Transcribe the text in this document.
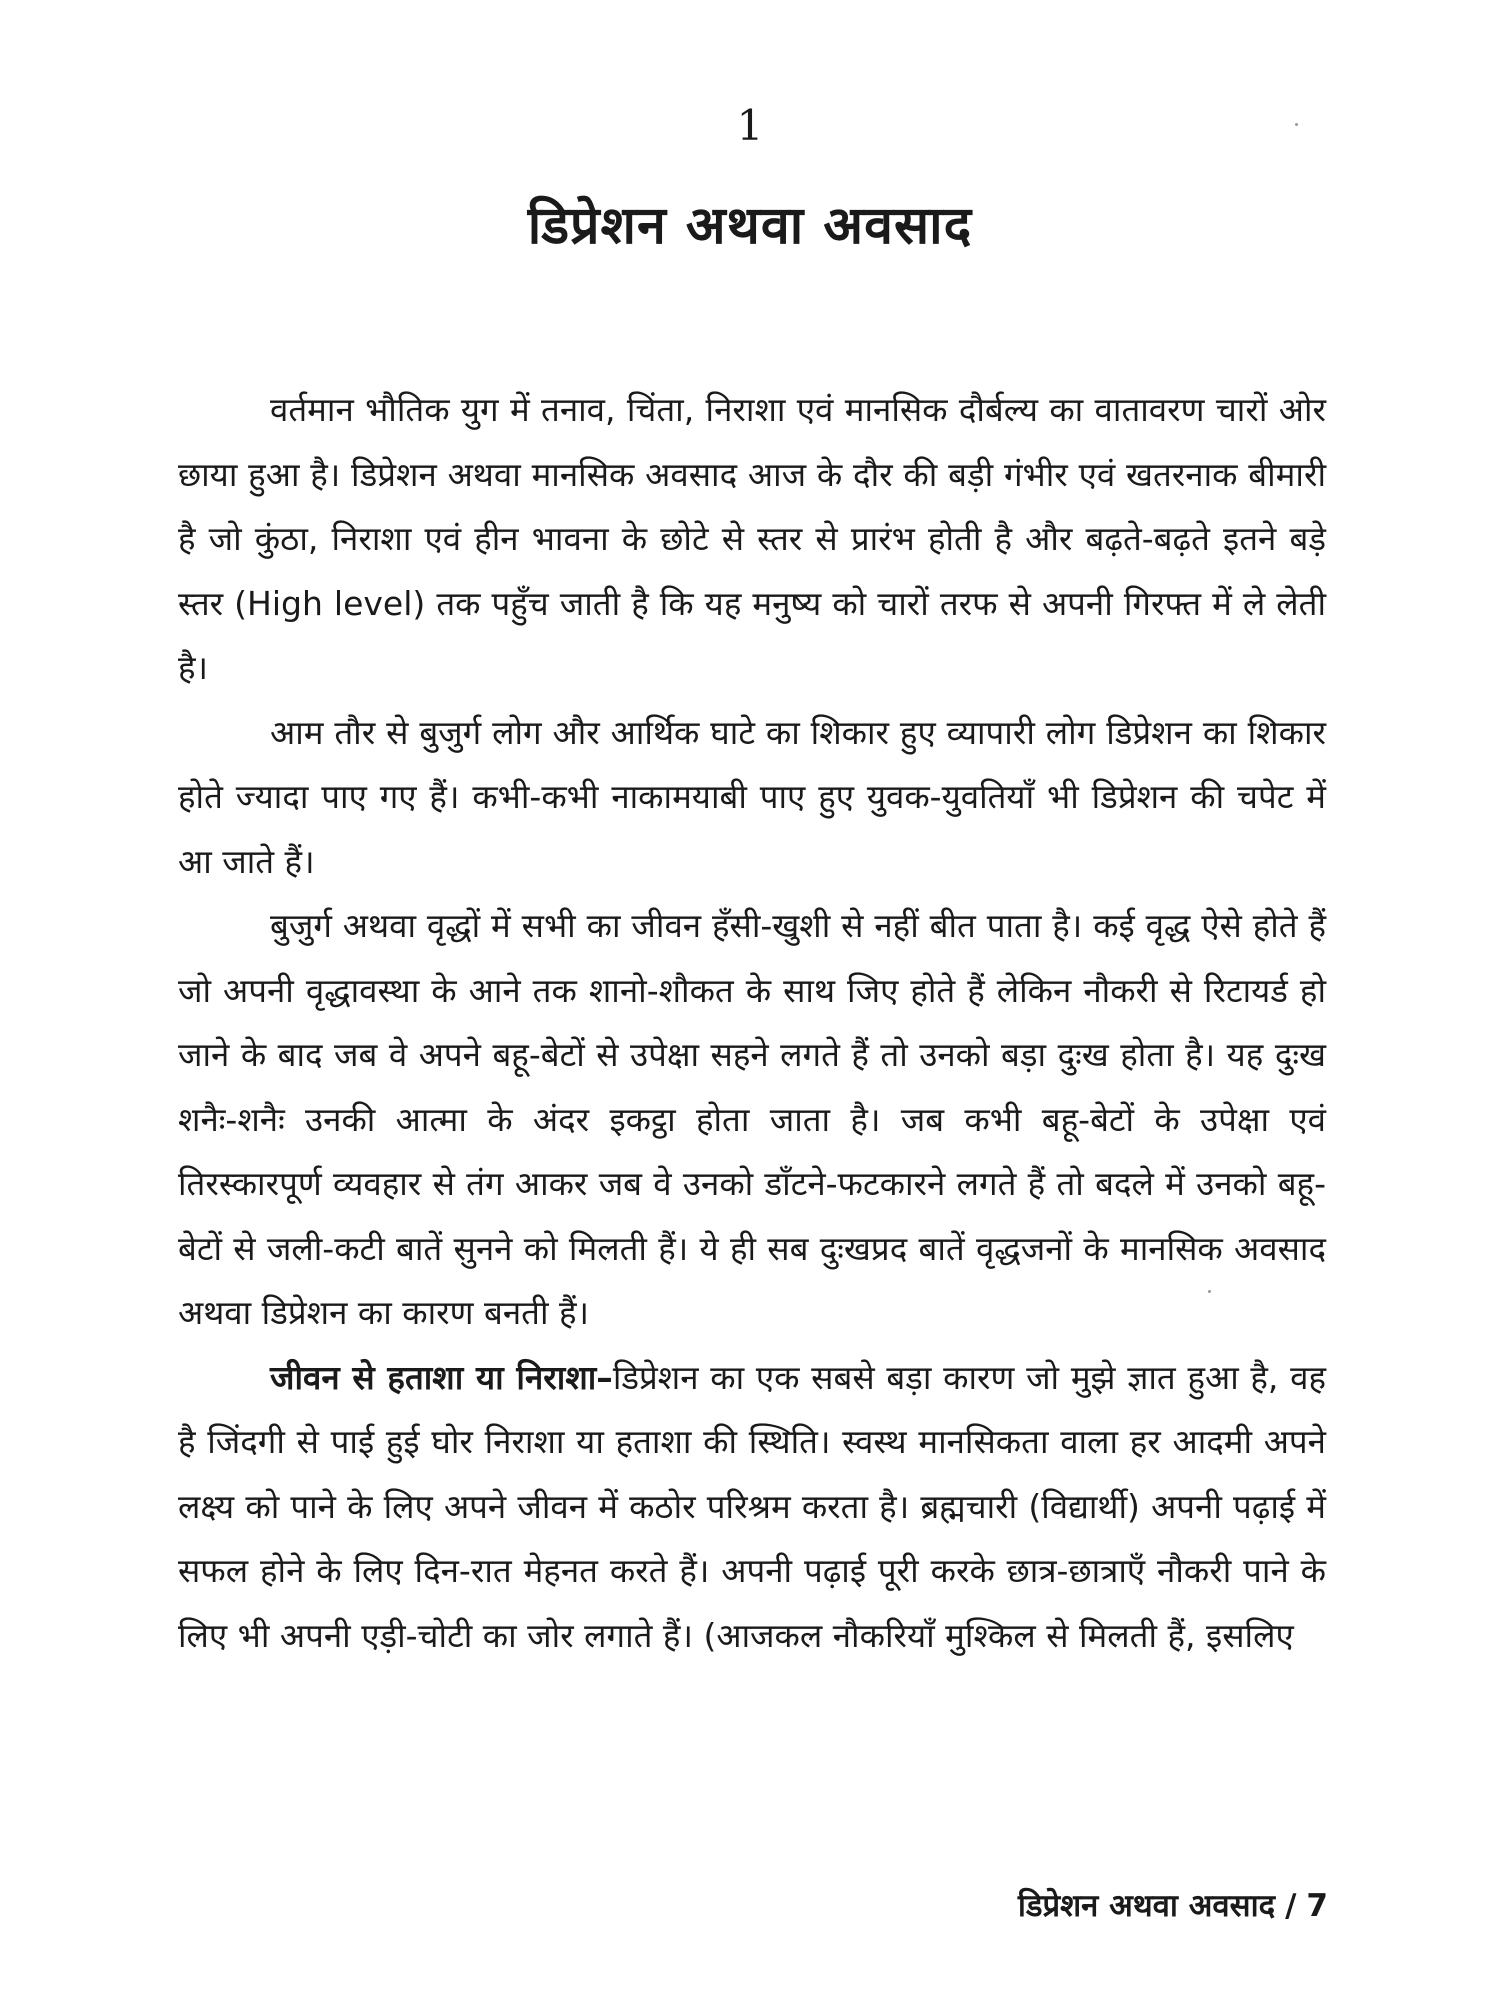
1
डिप्रेशन अथवा अवसाद

वर्तमान भौतिक युग में तनाव, चिंता, निराशा एवं मानसिक दौर्बल्य का वातावरण चारों ओर छाया हुआ है। डिप्रेशन अथवा मानसिक अवसाद आज के दौर की बड़ी गंभीर एवं खतरनाक बीमारी है जो कुंठा, निराशा एवं हीन भावना के छोटे से स्तर से प्रारंभ होती है और बढ़ते-बढ़ते इतने बड़े स्तर (High level) तक पहुँच जाती है कि यह मनुष्य को चारों तरफ से अपनी गिरफ्त में ले लेती है।

आम तौर से बुजुर्ग लोग और आर्थिक घाटे का शिकार हुए व्यापारी लोग डिप्रेशन का शिकार होते ज्यादा पाए गए हैं। कभी-कभी नाकामयाबी पाए हुए युवक-युवतियाँ भी डिप्रेशन की चपेट में आ जाते हैं।

बुजुर्ग अथवा वृद्धों में सभी का जीवन हँसी-खुशी से नहीं बीत पाता है। कई वृद्ध ऐसे होते हैं जो अपनी वृद्धावस्था के आने तक शानो-शौकत के साथ जिए होते हैं लेकिन नौकरी से रिटायर्ड हो जाने के बाद जब वे अपने बहू-बेटों से उपेक्षा सहने लगते हैं तो उनको बड़ा दुःख होता है। यह दुःख शनैः-शनैः उनकी आत्मा के अंदर इकट्ठा होता जाता है। जब कभी बहू-बेटों के उपेक्षा एवं तिरस्कारपूर्ण व्यवहार से तंग आकर जब वे उनको डाँटने-फटकारने लगते हैं तो बदले में उनको बहू-बेटों से जली-कटी बातें सुनने को मिलती हैं। ये ही सब दुःखप्रद बातें वृद्धजनों के मानसिक अवसाद अथवा डिप्रेशन का कारण बनती हैं।

जीवन से हताशा या निराशा–डिप्रेशन का एक सबसे बड़ा कारण जो मुझे ज्ञात हुआ है, वह है जिंदगी से पाई हुई घोर निराशा या हताशा की स्थिति। स्वस्थ मानसिकता वाला हर आदमी अपने लक्ष्य को पाने के लिए अपने जीवन में कठोर परिश्रम करता है। ब्रह्मचारी (विद्यार्थी) अपनी पढ़ाई में सफल होने के लिए दिन-रात मेहनत करते हैं। अपनी पढ़ाई पूरी करके छात्र-छात्राएँ नौकरी पाने के लिए भी अपनी एड़ी-चोटी का जोर लगाते हैं। (आजकल नौकरियाँ मुश्किल से मिलती हैं, इसलिए

डिप्रेशन अथवा अवसाद / 7
